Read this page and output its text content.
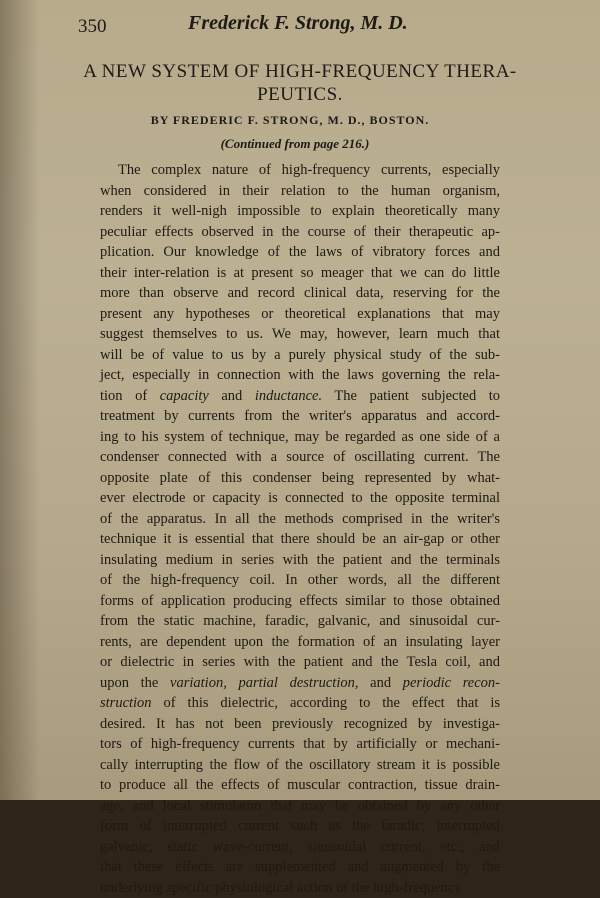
350	Frederick F. Strong, M. D.
A NEW SYSTEM OF HIGH-FREQUENCY THERA-
PEUTICS.
BY FREDERIC F. STRONG, M. D., BOSTON.
(Continued from page 216.)
The complex nature of high-frequency currents, especially
when considered in their relation to the human organism,
renders it well-nigh impossible to explain theoretically many
peculiar effects observed in the course of their therapeutic ap-
plication. Our knowledge of the laws of vibratory forces and
their inter-relation is at present so meager that we can do little
more than observe and record clinical data, reserving for the
present any hypotheses or theoretical explanations that may
suggest themselves to us. We may, however, learn much that
will be of value to us by a purely physical study of the sub-
ject, especially in connection with the laws governing the rela-
tion of capacity and inductance. The patient subjected to
treatment by currents from the writer's apparatus and accord-
ing to his system of technique, may be regarded as one side of a
condenser connected with a source of oscillating current. The
opposite plate of this condenser being represented by what-
ever electrode or capacity is connected to the opposite terminal
of the apparatus. In all the methods comprised in the writer's
technique it is essential that there should be an air-gap or other
insulating medium in series with the patient and the terminals
of the high-frequency coil. In other words, all the different
forms of application producing effects similar to those obtained
from the static machine, faradic, galvanic, and sinusoidal cur-
rents, are dependent upon the formation of an insulating layer
or dielectric in series with the patient and the Tesla coil, and
upon the variation, partial destruction, and periodic recon-
struction of this dielectric, according to the effect that is
desired. It has not been previously recognized by investiga-
tors of high-frequency currents that by artificially or mechani-
cally interrupting the flow of the oscillatory stream it is possible
to produce all the effects of muscular contraction, tissue drain-
age, and local stimulaton that may be obtained by any other
form of interrupted current such as the faradic, interrupted
galvanic, static wave-current, sinusoidal current, etc., and
that these effects are supplemented and augmented by the
underlying specific physiological action of the high-frequency
